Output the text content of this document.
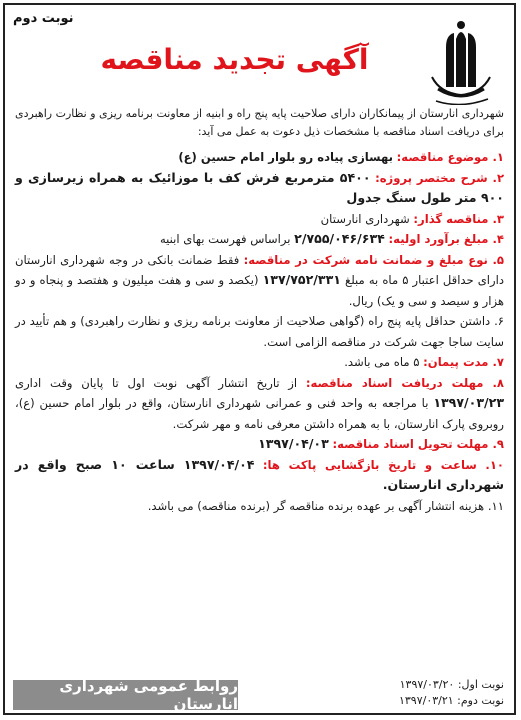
نوبت دوم
آگهی تجدید مناقصه

شهرداری انارستان از پیمانکاران دارای صلاحیت پایه پنج راه و ابنیه از معاونت برنامه ریزی و نظارت راهبردی برای دریافت اسناد مناقصه با مشخصات ذیل دعوت به عمل می آید:

۱. موضوع مناقصه: بهسازی پیاده رو بلوار امام حسین (ع)

۲. شرح مختصر پروژه: ۵۴۰۰ مترمربع فرش کف با موزائیک به همراه زیرسازی و ۹۰۰ متر طول سنگ جدول

۳. مناقصه گذار: شهرداری انارستان

۴. مبلغ برآورد اولیه: ۲/۷۵۵/۰۴۶/۶۳۴ براساس فهرست بهای ابنیه

۵. نوع مبلغ و ضمانت نامه شرکت در مناقصه: فقط ضمانت بانکی در وجه شهرداری انارستان دارای حداقل اعتبار ۵ ماه به مبلغ ۱۳۷/۷۵۲/۳۳۱ (یکصد و سی و هفت میلیون و هفتصد و پنجاه و دو هزار و سیصد و سی و یک) ریال.

۶. داشتن حداقل پایه پنج راه (گواهی صلاحیت از معاونت برنامه ریزی و نظارت راهبردی) و هم تأیید در سایت ساجا جهت شرکت در مناقصه الزامی است.

۷. مدت پیمان: ۵ ماه می باشد.

۸. مهلت دریافت اسناد مناقصه: از تاریخ انتشار آگهی نوبت اول تا پایان وقت اداری ۱۳۹۷/۰۳/۲۳ با مراجعه به واحد فنی و عمرانی شهرداری انارستان، واقع در بلوار امام حسین (ع)، روبروی پارک انارستان، با به همراه داشتن معرفی نامه و مهر شرکت.

۹. مهلت تحویل اسناد مناقصه: ۱۳۹۷/۰۴/۰۳

۱۰. ساعت و تاریخ بازگشایی پاکت ها: ۱۳۹۷/۰۴/۰۴ ساعت ۱۰ صبح واقع در شهرداری انارستان.

۱۱. هزینه انتشار آگهی بر عهده برنده مناقصه گر (برنده مناقصه) می باشد.

نوبت اول: ۱۳۹۷/۰۳/۲۰
نوبت دوم: ۱۳۹۷/۰۳/۲۱
روابط عمومی شهرداری انارستان
